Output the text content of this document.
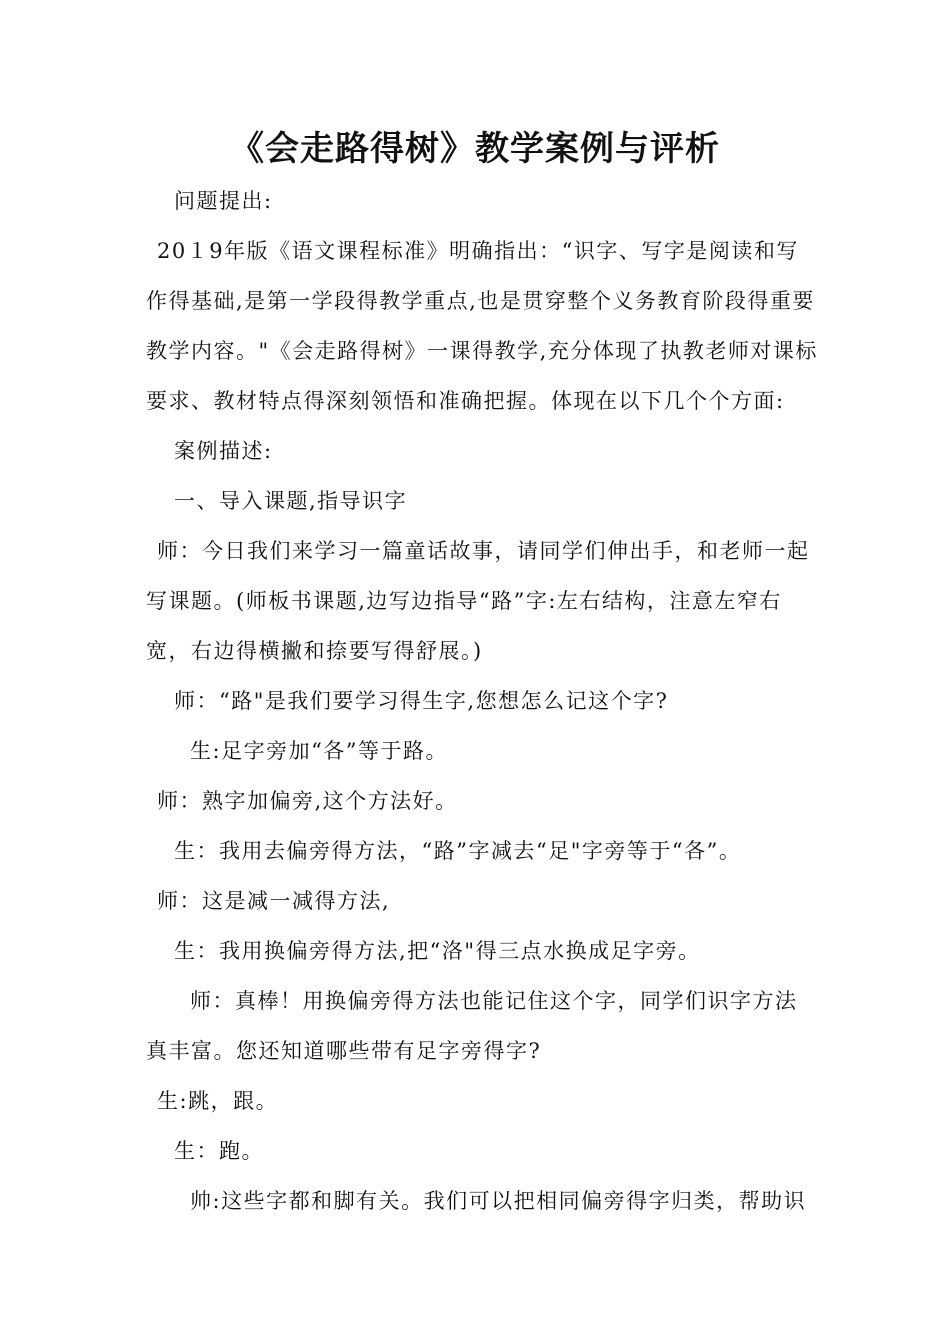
《会走路得树》教学案例与评析
问题提出:
20１9年版《语文课程标准》明确指出：“识字、写字是阅读和写
作得基础,是第一学段得教学重点,也是贯穿整个义务教育阶段得重要
教学内容。"《会走路得树》一课得教学,充分体现了执教老师对课标
要求、教材特点得深刻领悟和准确把握。体现在以下几个个方面:
案例描述:
一、导入课题,指导识字
师：今日我们来学习一篇童话故事，请同学们伸出手，和老师一起
写课题。(师板书课题,边写边指导“路”字:左右结构，注意左窄右
宽，右边得横撇和捺要写得舒展。)
师：“路"是我们要学习得生字,您想怎么记这个字?
生:足字旁加“各”等于路。
师：熟字加偏旁,这个方法好。
生：我用去偏旁得方法，“路”字减去“足"字旁等于“各”。
师：这是减一减得方法,
生：我用换偏旁得方法,把“洛"得三点水换成足字旁。
师：真棒！用换偏旁得方法也能记住这个字，同学们识字方法
真丰富。您还知道哪些带有足字旁得字?
生:跳，跟。
生：跑。
帅:这些字都和脚有关。我们可以把相同偏旁得字归类，帮助识
